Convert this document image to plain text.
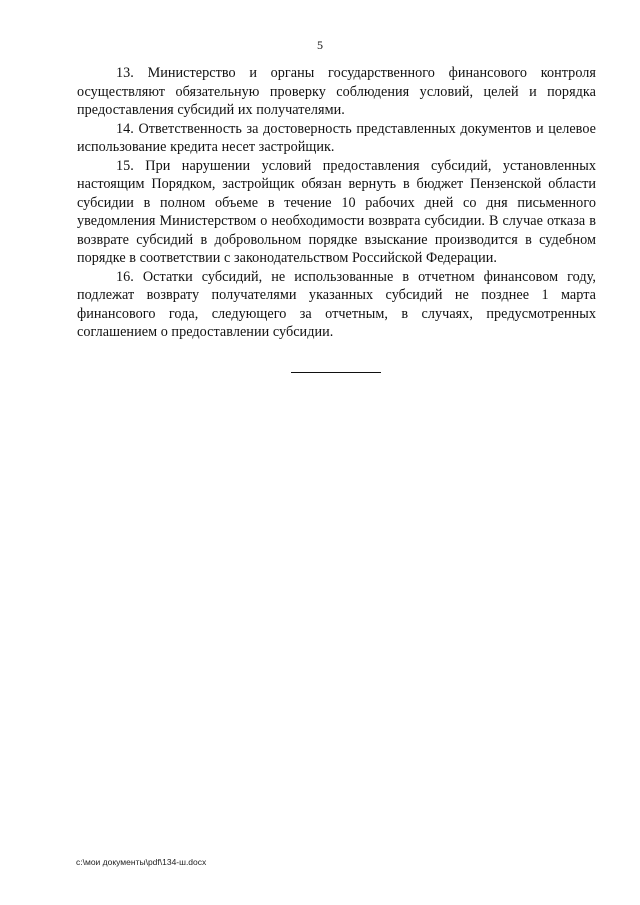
5

13. Министерство и органы государственного финансового контроля осуществляют обязательную проверку соблюдения условий, целей и порядка предоставления субсидий их получателями.

14. Ответственность за достоверность представленных документов и целевое использование кредита несет застройщик.

15. При нарушении условий предоставления субсидий, установленных настоящим Порядком, застройщик обязан вернуть в бюджет Пензенской области субсидии в полном объеме в течение 10 рабочих дней со дня письменного уведомления Министерством о необходимости возврата субсидии. В случае отказа в возврате субсидий в добровольном порядке взыскание производится в судебном порядке в соответствии с законодательством Российской Федерации.

16. Остатки субсидий, не использованные в отчетном финансовом году, подлежат возврату получателями указанных субсидий не позднее 1 марта финансового года, следующего за отчетным, в случаях, предусмотренных соглашением о предоставлении субсидии.

c:\мои документы\pdf\134-ш.docx
